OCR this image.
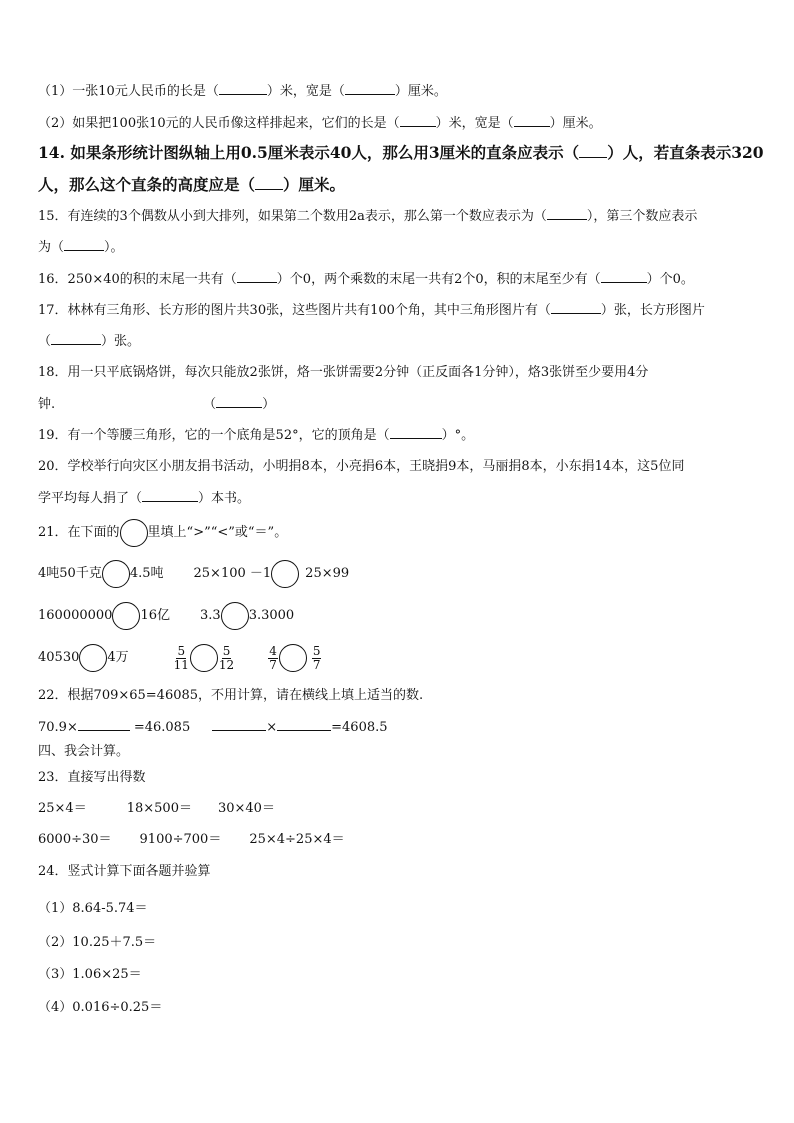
（1）一张10元人民币的长是（	）米，宽是（	）厘米。
（2）如果把100张10元的人民币像这样排起来，它们的长是（	）米，宽是（	）厘米。
14. 如果条形统计图纵轴上用0.5厘米表示40人，那么用3厘米的直条应表示（ ）人，若直条表示320
人，那么这个直条的高度应是（ ）厘米。
15．有连续的3个偶数从小到大排列，如果第二个数用2a表示，那么第一个数应表示为（	），第三个数应表示
为（	）。
16．250×40的积的末尾一共有（	）个0，两个乘数的末尾一共有2个0，积的末尾至少有（	）个0。
17．林林有三角形、长方形的图片共30张，这些图片共有100个角，其中三角形图片有（	）张，长方形图片
（	）张。
18．用一只平底锅烙饼，每次只能放2张饼，烙一张饼需要2分钟（正反面各1分钟），烙3张饼至少要用4分
钟.	（	）
19．有一个等腰三角形，它的一个底角是52°，它的顶角是（	）°。
20．学校举行向灾区小朋友捐书活动，小明捐8本，小亮捐6本，王晓捐9本，马丽捐8本，小东捐14本，这5位同
学平均每人捐了（	）本书。
21．在下面的 里填上“>”“<”或“＝”。
4吨50千克 4.5吨 25×100 －1	25×99
160000000 16亿 3.3 3.3000
40530 4万	$\frac{5}{11}$	$\frac{5}{12}$	$\frac{4}{7}$	$\frac{5}{7}$
22．根据709×65=46085，不用计算，请在横线上填上适当的数.
70.9×	=46.085	×	=4608.5
四、我会计算。
23．直接写出得数
25×4＝	18×500＝ 30×40＝
6000÷30＝ 9100÷700＝ 25×4÷25×4＝
24．竖式计算下面各题并验算
（1）8.64-5.74＝
（2）10.25＋7.5＝
（3）1.06×25＝
（4）0.016÷0.25＝
